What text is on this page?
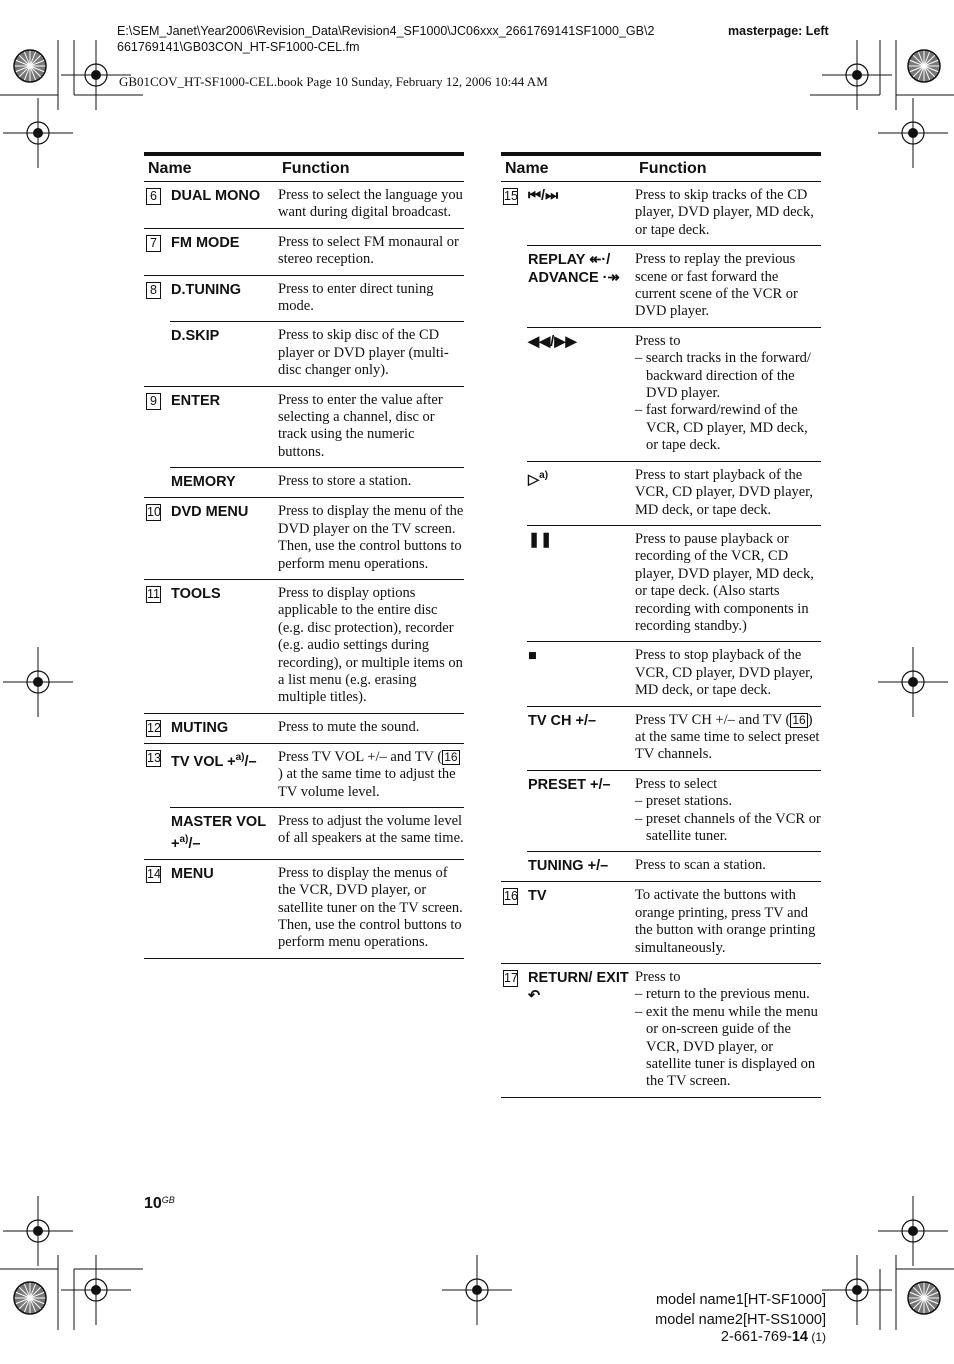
E:\SEM_Janet\Year2006\Revision_Data\Revision4_SF1000\JC06xxx_2661769141SF1000_GB\2
661769141\GB03CON_HT-SF1000-CEL.fm
masterpage: Left
GB01COV_HT-SF1000-CEL.book Page 10 Sunday, February 12, 2006 10:44 AM
Name		Function
6	DUAL MONO	Press to select the language you want during digital broadcast.

7	FM MODE	Press to select FM monaural or stereo reception.

8	D.TUNING	Press to enter direct tuning mode.

	D.SKIP	Press to skip disc of the CD player or DVD player (multi-disc changer only).

9	ENTER	Press to enter the value after selecting a channel, disc or track using the numeric buttons.

	MEMORY	Press to store a station.

10	DVD MENU	Press to display the menu of the DVD player on the TV screen. Then, use the control buttons to perform menu operations.

11	TOOLS	Press to display options applicable to the entire disc (e.g. disc protection), recorder (e.g. audio settings during recording), or multiple items on a list menu (e.g. erasing multiple titles).

12	MUTING	Press to mute the sound.

13	TV VOL +$^{a)}$/–	Press TV VOL +/– and TV ( 16) at the same time to adjust the TV volume level.

	MASTER VOL +$^{a)}$/–	Press to adjust the volume level of all speakers at the same time.

14	MENU	Press to display the menus of the VCR, DVD player, or satellite tuner on the TV screen. Then, use the control buttons to perform menu operations.
Name		Function
15	⏮/⏭	Press to skip tracks of the CD player, DVD player, MD deck, or tape deck.

	REPLAY ↞·/ ADVANCE ·↠	Press to replay the previous scene or fast forward the current scene of the VCR or DVD player.

	◀◀/▶▶	Press to
– search tracks in the forward/ backward direction of the DVD player.
– fast forward/rewind of the VCR, CD player, MD deck, or tape deck.

	▷$^{a)}$	Press to start playback of the VCR, CD player, DVD player, MD deck, or tape deck.

	❚❚	Press to pause playback or recording of the VCR, CD player, DVD player, MD deck, or tape deck. (Also starts recording with components in recording standby.)

	■	Press to stop playback of the VCR, CD player, DVD player, MD deck, or tape deck.

	TV CH +/–	Press TV CH +/– and TV ( 16 ) at the same time to select preset TV channels.

	PRESET +/–	Press to select
– preset stations.
– preset channels of the VCR or satellite tuner.

	TUNING +/–	Press to scan a station.

16	TV	To activate the buttons with orange printing, press TV and the button with orange printing simultaneously.

17	RETURN/ EXIT ↶	Press to
– return to the previous menu.
– exit the menu while the menu or on-screen guide of the VCR, DVD player, or satellite tuner is displayed on the TV screen.
$10^{GB}$
model name1[HT-SF1000]
model name2[HT-SS1000]
2-661-769-14 (1)
